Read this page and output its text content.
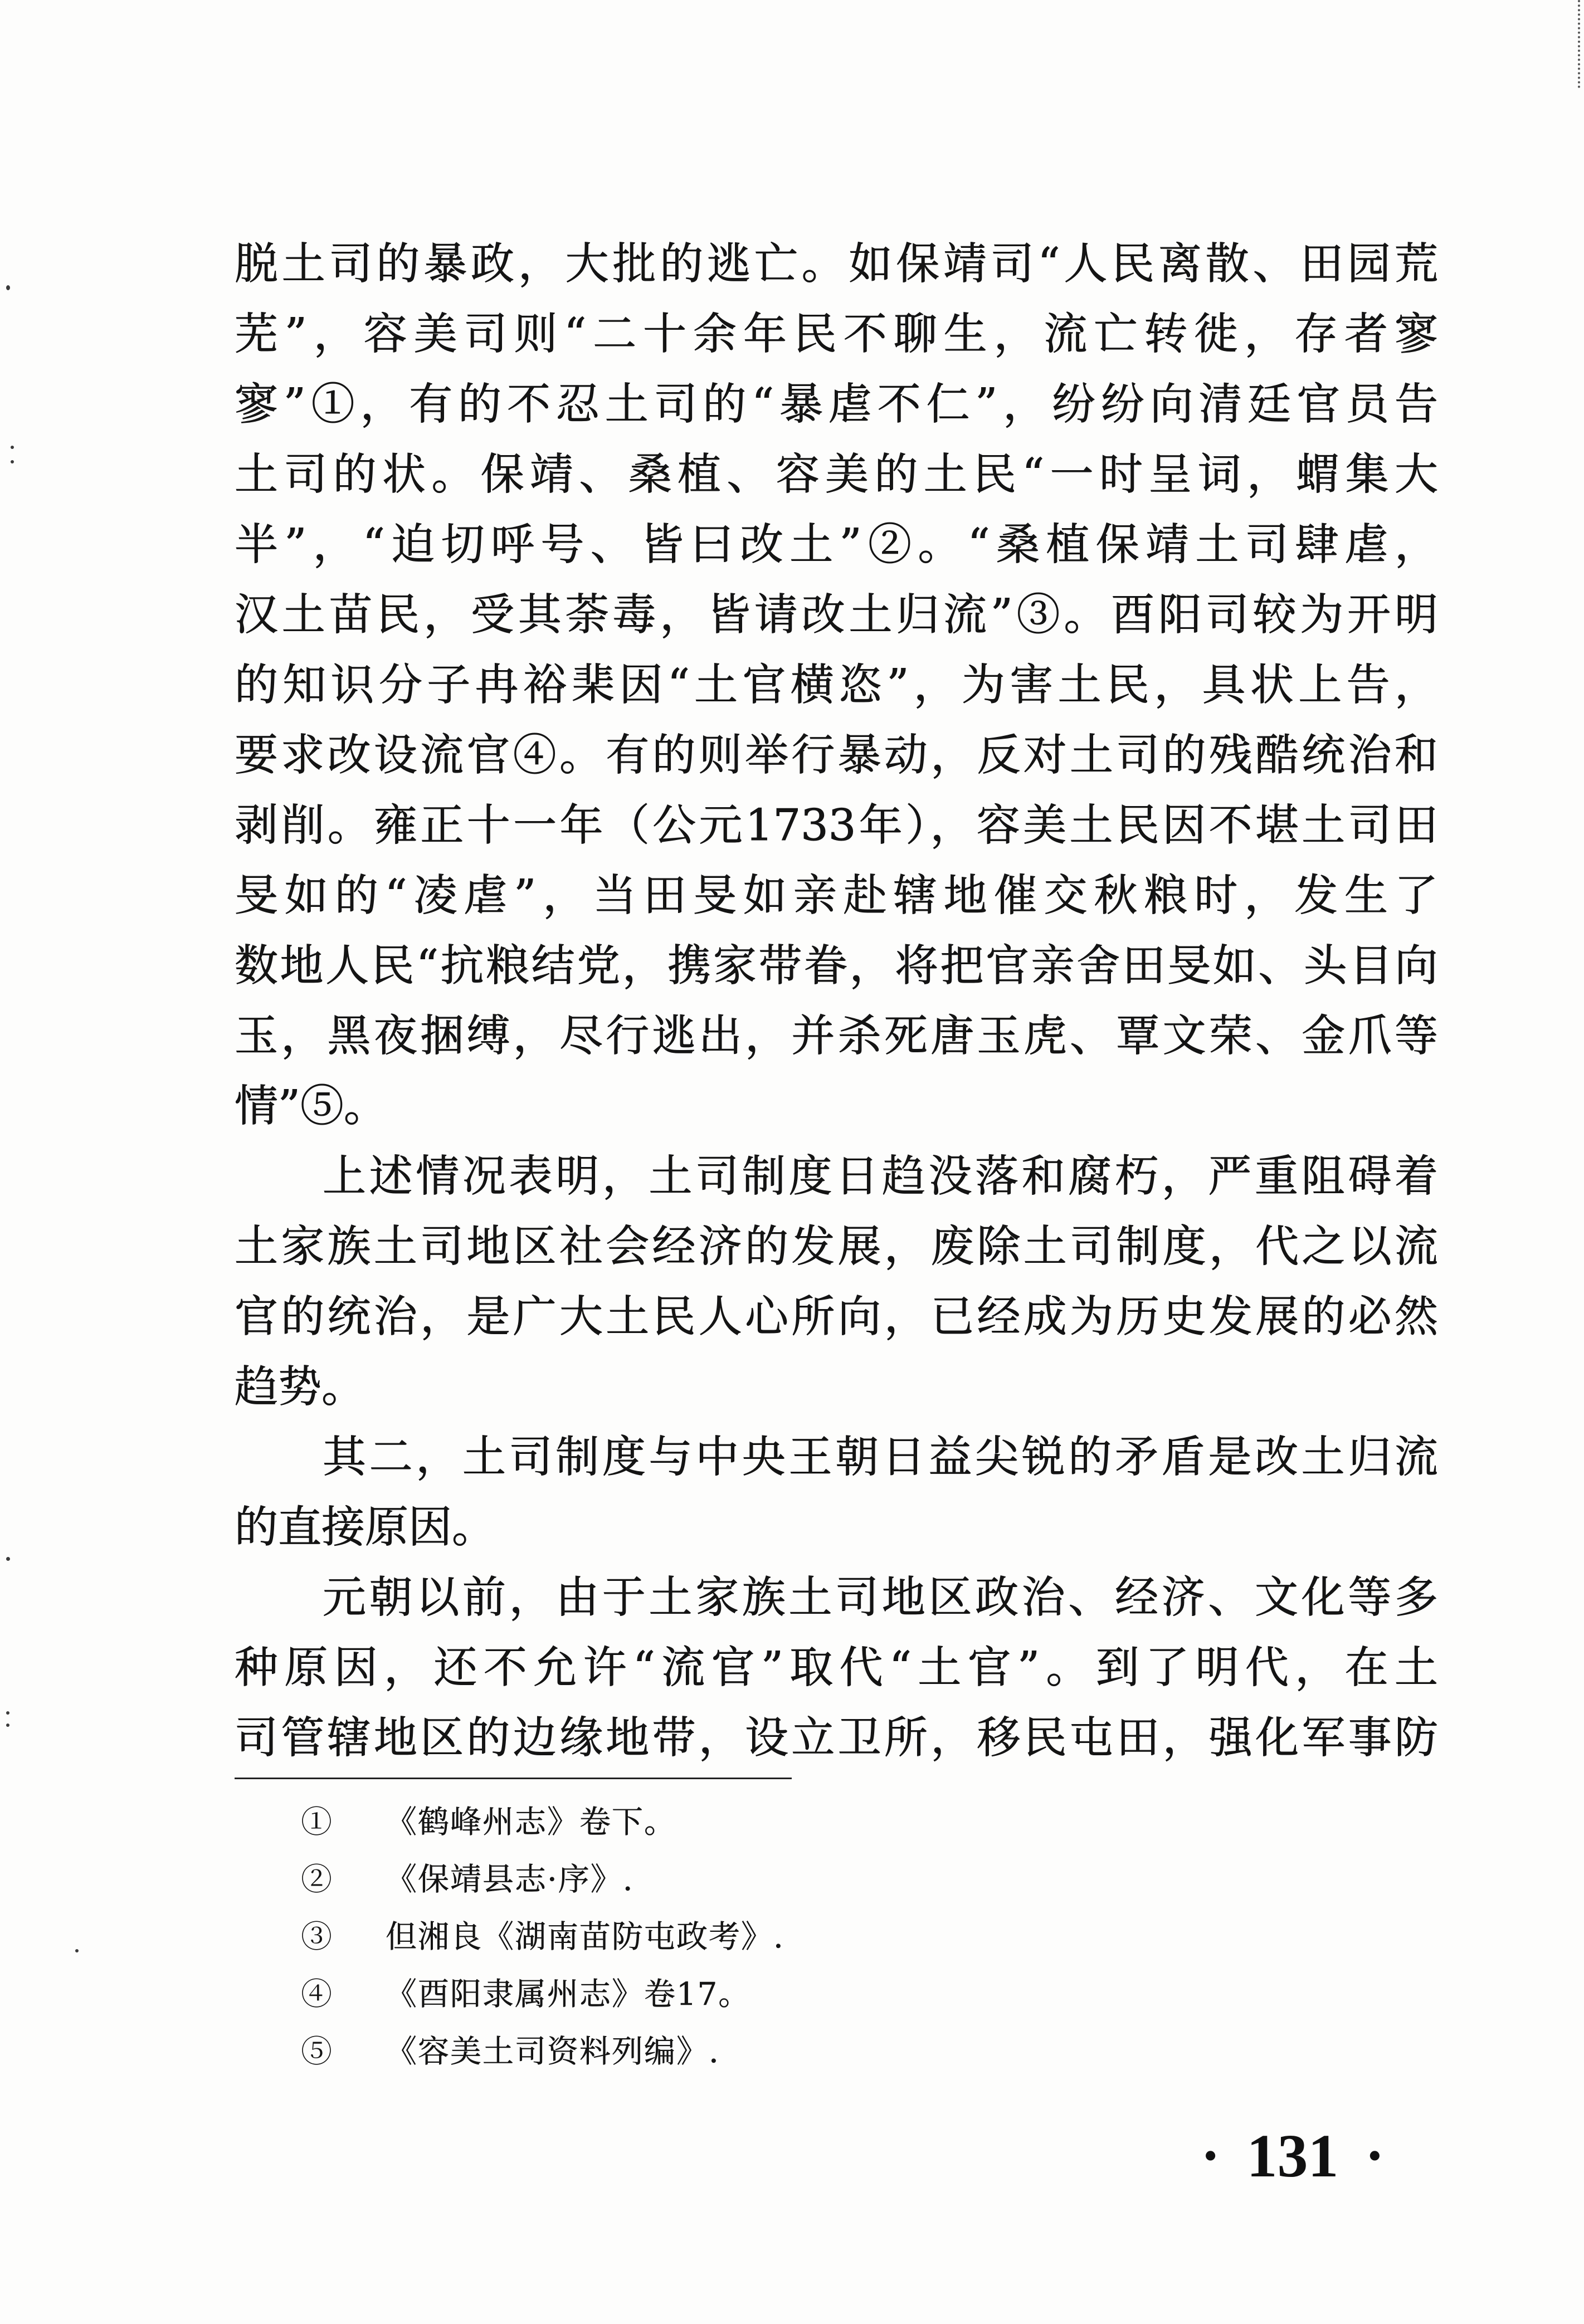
脱土司的暴政，大批的逃亡。如保靖司“人民离散、田园荒
芜”，容美司则“二十余年民不聊生，流亡转徙，存者寥
寥”①，有的不忍土司的“暴虐不仁”，纷纷向清廷官员告
土司的状。保靖、桑植、容美的土民“一时呈词，蝟集大
半”，“迫切呼号、皆曰改土”②。“桑植保靖土司肆虐，
汉土苗民，受其荼毒，皆请改土归流”③。酉阳司较为开明
的知识分子冉裕棐因“土官横恣”，为害土民，具状上告，
要求改设流官④。有的则举行暴动，反对土司的残酷统治和
剥削。雍正十一年（公元1733年），容美土民因不堪土司田
旻如的“凌虐”，当田旻如亲赴辖地催交秋粮时，发生了
数地人民“抗粮结党，携家带眷，将把官亲舍田旻如、头目向
玉，黑夜捆缚，尽行逃出，并杀死唐玉虎、覃文荣、金爪等
情”⑤。
上述情况表明，土司制度日趋没落和腐朽，严重阻碍着
土家族土司地区社会经济的发展，废除土司制度，代之以流
官的统治，是广大土民人心所向，已经成为历史发展的必然
趋势。
其二，土司制度与中央王朝日益尖锐的矛盾是改土归流
的直接原因。
元朝以前，由于土家族土司地区政治、经济、文化等多
种原因，还不允许“流官”取代“土官”。到了明代，在土
司管辖地区的边缘地带，设立卫所，移民屯田，强化军事防
①	《鹤峰州志》卷下。
②	《保靖县志·序》.
③	但湘良《湖南苗防屯政考》.
④	《酉阳隶属州志》卷17。
⑤	《容美土司资料列编》.
• 131 •
